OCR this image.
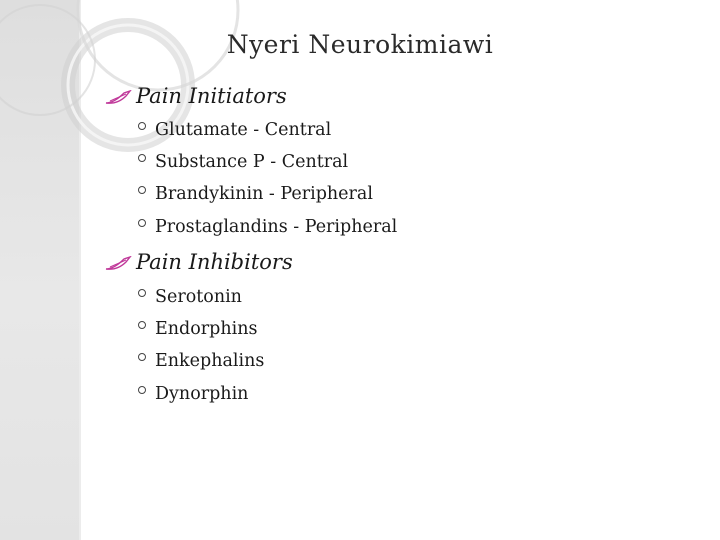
Nyeri Neurokimiawi
Pain Initiators
Glutamate - Central
Substance P - Central
Brandykinin - Peripheral
Prostaglandins - Peripheral
Pain Inhibitors
Serotonin
Endorphins
Enkephalins
Dynorphin
